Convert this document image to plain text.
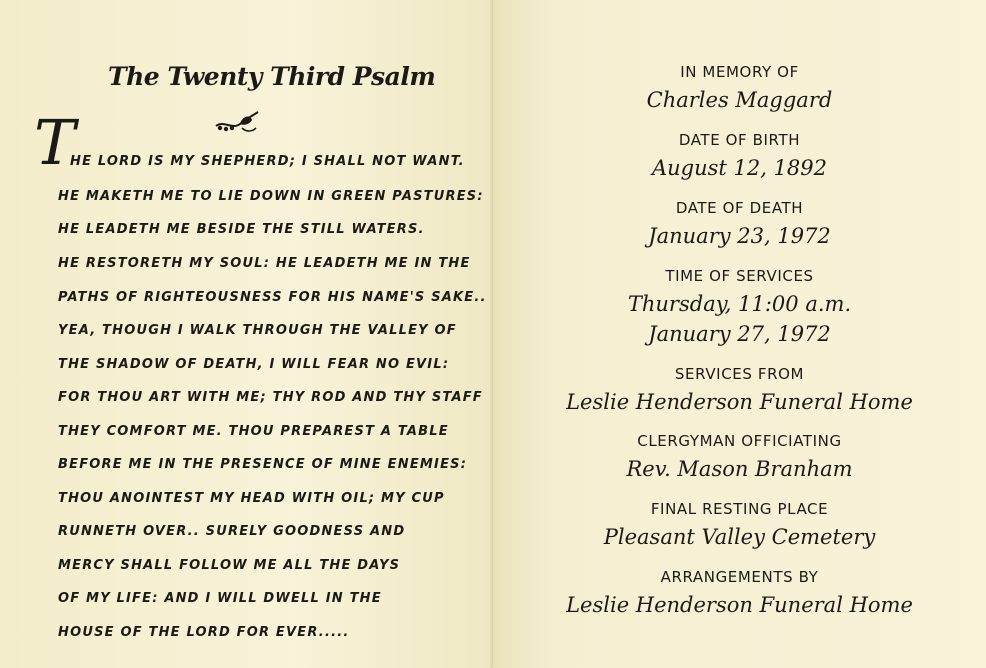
The Twenty Third Psalm
T
HE LORD IS MY SHEPHERD; I SHALL NOT WANT.
HE MAKETH ME TO LIE DOWN IN GREEN PASTURES:
HE LEADETH ME BESIDE THE STILL WATERS.
HE RESTORETH MY SOUL: HE LEADETH ME IN THE
PATHS OF RIGHTEOUSNESS FOR HIS NAME'S SAKE..
YEA, THOUGH I WALK THROUGH THE VALLEY OF
THE SHADOW OF DEATH, I WILL FEAR NO EVIL:
FOR THOU ART WITH ME; THY ROD AND THY STAFF
THEY COMFORT ME. THOU PREPAREST A TABLE
BEFORE ME IN THE PRESENCE OF MINE ENEMIES:
THOU ANOINTEST MY HEAD WITH OIL; MY CUP
RUNNETH OVER.. SURELY GOODNESS AND
MERCY SHALL FOLLOW ME ALL THE DAYS
OF MY LIFE: AND I WILL DWELL IN THE
HOUSE OF THE LORD FOR EVER.....
IN MEMORY OF
Charles Maggard
DATE OF BIRTH
August 12, 1892
DATE OF DEATH
January 23, 1972
TIME OF SERVICES
Thursday, 11:00 a.m.
January 27, 1972
SERVICES FROM
Leslie Henderson Funeral Home
CLERGYMAN OFFICIATING
Rev. Mason Branham
FINAL RESTING PLACE
Pleasant Valley Cemetery
ARRANGEMENTS BY
Leslie Henderson Funeral Home
